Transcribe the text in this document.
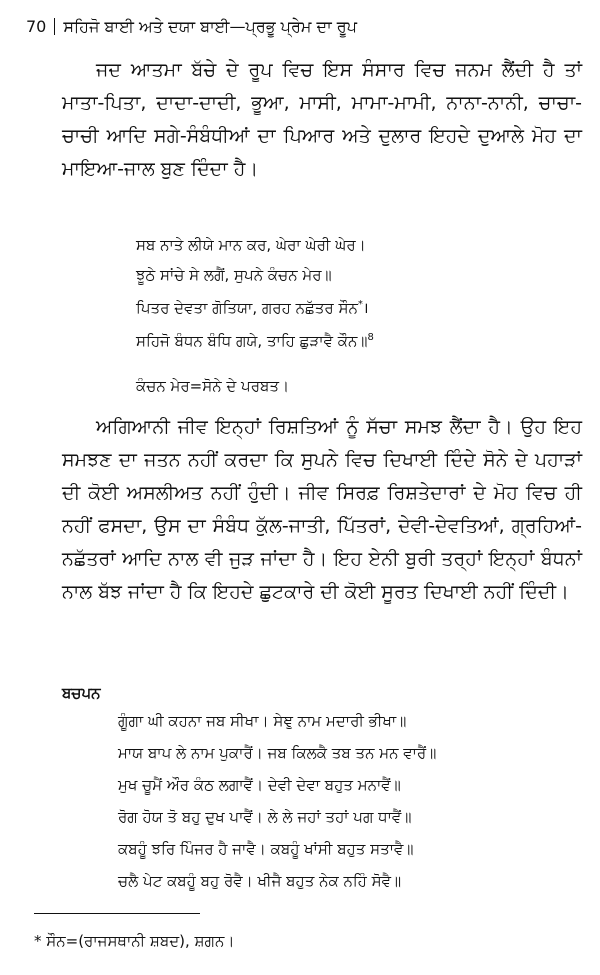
70 ਸਹਿਜੋ ਬਾਈ ਅਤੇ ਦਯਾ ਬਾਈ—ਪ੍ਰਭੂ ਪ੍ਰੇਮ ਦਾ ਰੂਪ

ਜਦ ਆਤਮਾ ਬੱਚੇ ਦੇ ਰੂਪ ਵਿਚ ਇਸ ਸੰਸਾਰ ਵਿਚ ਜਨਮ ਲੈਂਦੀ ਹੈ ਤਾਂ ਮਾਤਾ-ਪਿਤਾ, ਦਾਦਾ-ਦਾਦੀ, ਭੂਆ, ਮਾਸੀ, ਮਾਮਾ-ਮਾਮੀ, ਨਾਨਾ-ਨਾਨੀ, ਚਾਚਾ-ਚਾਚੀ ਆਦਿ ਸਗੇ-ਸੰਬੰਧੀਆਂ ਦਾ ਪਿਆਰ ਅਤੇ ਦੁਲਾਰ ਇਹਦੇ ਦੁਆਲੇ ਮੋਹ ਦਾ ਮਾਇਆ-ਜਾਲ ਬੁਣ ਦਿੰਦਾ ਹੈ।

ਸਬ ਨਾਤੇ ਲੀਯੇ ਮਾਨ ਕਰ, ਘੇਰਾ ਘੇਰੀ ਘੇਰ।
ਝੂਠੇ ਸਾਂਚੇ ਸੇ ਲਗੈਂ, ਸੁਪਨੇ ਕੰਚਨ ਮੇਰ॥
ਪਿਤਰ ਦੇਵਤਾ ਗੋਤਿਯਾ, ਗਰਹ ਨਛੱਤਰ ਸੌਨ*।
ਸਹਿਜੋ ਬੰਧਨ ਬੰਧਿ ਗਯੇ, ਤਾਹਿ ਛੁੜਾਵੈ ਕੌਨ॥$^8$
ਕੰਚਨ ਮੇਰ=ਸੋਨੇ ਦੇ ਪਰਬਤ।

ਅਗਿਆਨੀ ਜੀਵ ਇਨ੍ਹਾਂ ਰਿਸ਼ਤਿਆਂ ਨੂੰ ਸੱਚਾ ਸਮਝ ਲੈਂਦਾ ਹੈ। ਉਹ ਇਹ ਸਮਝਣ ਦਾ ਜਤਨ ਨਹੀਂ ਕਰਦਾ ਕਿ ਸੁਪਨੇ ਵਿਚ ਦਿਖਾਈ ਦਿੰਦੇ ਸੋਨੇ ਦੇ ਪਹਾੜਾਂ ਦੀ ਕੋਈ ਅਸਲੀਅਤ ਨਹੀਂ ਹੁੰਦੀ। ਜੀਵ ਸਿਰਫ਼ ਰਿਸ਼ਤੇਦਾਰਾਂ ਦੇ ਮੋਹ ਵਿਚ ਹੀ ਨਹੀਂ ਫਸਦਾ, ਉਸ ਦਾ ਸੰਬੰਧ ਕੁੱਲ-ਜਾਤੀ, ਪਿੱਤਰਾਂ, ਦੇਵੀ-ਦੇਵਤਿਆਂ, ਗ੍ਰਹਿਆਂ-ਨਛੱਤਰਾਂ ਆਦਿ ਨਾਲ ਵੀ ਜੁੜ ਜਾਂਦਾ ਹੈ। ਇਹ ਏਨੀ ਬੁਰੀ ਤਰ੍ਹਾਂ ਇਨ੍ਹਾਂ ਬੰਧਨਾਂ ਨਾਲ ਬੱਝ ਜਾਂਦਾ ਹੈ ਕਿ ਇਹਦੇ ਛੁਟਕਾਰੇ ਦੀ ਕੋਈ ਸੂਰਤ ਦਿਖਾਈ ਨਹੀਂ ਦਿੰਦੀ।

ਬਚਪਨ
ਗੂੰਗਾ ਘੀ ਕਹਨਾ ਜਬ ਸੀਖਾ। ਸੇਞੁ ਨਾਮ ਮਦਾਰੀ ਭੀਖਾ॥
ਮਾਯ ਬਾਪ ਲੇ ਨਾਮ ਪੁਕਾਰੈਂ। ਜਬ ਕਿਲਕੈ ਤਬ ਤਨ ਮਨ ਵਾਰੈਂ॥
ਮੁਖ ਚੂਮੈਂ ਔਰ ਕੰਠ ਲਗਾਵੈਂ। ਦੇਵੀ ਦੇਵਾ ਬਹੁਤ ਮਨਾਵੈਂ॥
ਰੋਗ ਹੋਯ ਤੋ ਬਹੁ ਦੁਖ ਪਾਵੈਂ। ਲੇ ਲੇ ਜਹਾਂ ਤਹਾਂ ਪਗ ਧਾਵੈਂ॥
ਕਬਹੂੰ ਝਰਿ ਪਿੰਜਰ ਹੈ ਜਾਵੈ। ਕਬਹੂੰ ਖਾਂਸੀ ਬਹੁਤ ਸਤਾਵੈ॥
ਚਲੈ ਪੇਟ ਕਬਹੂੰ ਬਹੁ ਰੋਵੈ। ਖੀਜੈ ਬਹੁਤ ਨੇਕ ਨਹਿੰ ਸੋਵੈ॥
* ਸੌਨ=(ਰਾਜਸਥਾਨੀ ਸ਼ਬਦ), ਸ਼ਗਨ।
